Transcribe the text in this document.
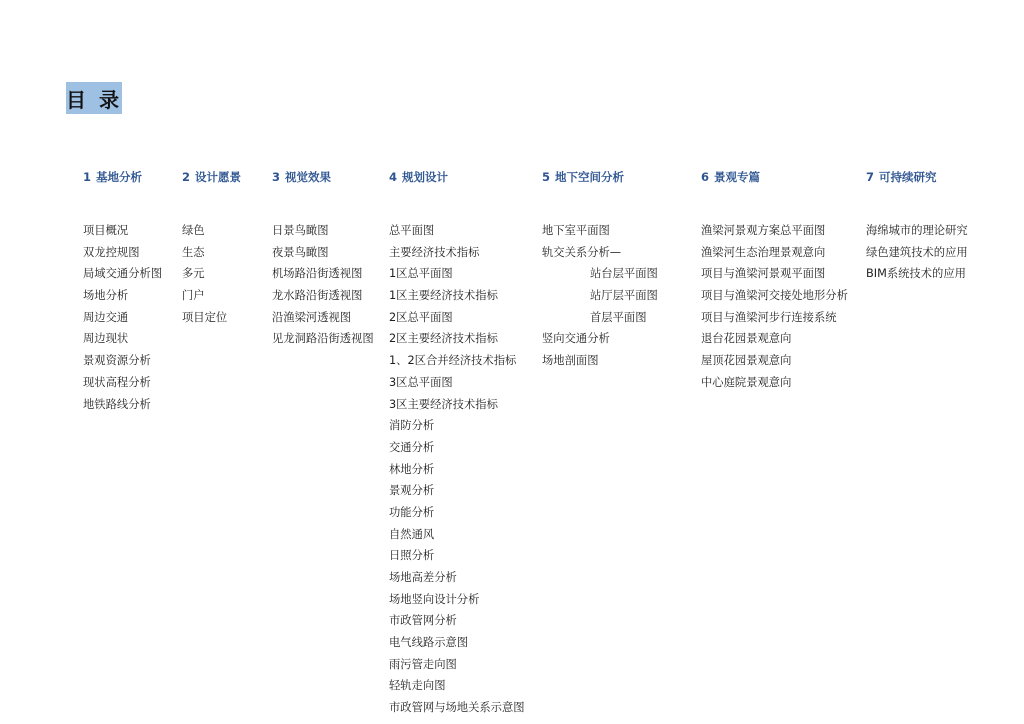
目 录
1 基地分析
项目概况
双龙控规图
局域交通分析图
场地分析
周边交通
周边现状
景观资源分析
现状高程分析
地铁路线分析
2 设计愿景
绿色
生态
多元
门户
项目定位
3 视觉效果
日景鸟瞰图
夜景鸟瞰图
机场路沿街透视图
龙水路沿街透视图
沿渔梁河透视图
见龙洞路沿街透视图
4 规划设计
总平面图
主要经济技术指标
1区总平面图
1区主要经济技术指标
2区总平面图
2区主要经济技术指标
1、2区合并经济技术指标
3区总平面图
3区主要经济技术指标
消防分析
交通分析
林地分析
景观分析
功能分析
自然通风
日照分析
场地高差分析
场地竖向设计分析
市政管网分析
电气线路示意图
雨污管走向图
轻轨走向图
市政管网与场地关系示意图
5 地下空间分析
地下室平面图
轨交关系分析—
站台层平面图
站厅层平面图
首层平面图
竖向交通分析
场地剖面图
6 景观专篇
渔梁河景观方案总平面图
渔梁河生态治理景观意向
项目与渔梁河景观平面图
项目与渔梁河交接处地形分析
项目与渔梁河步行连接系统
退台花园景观意向
屋顶花园景观意向
中心庭院景观意向
7 可持续研究
海绵城市的理论研究
绿色建筑技术的应用
BIM系统技术的应用
